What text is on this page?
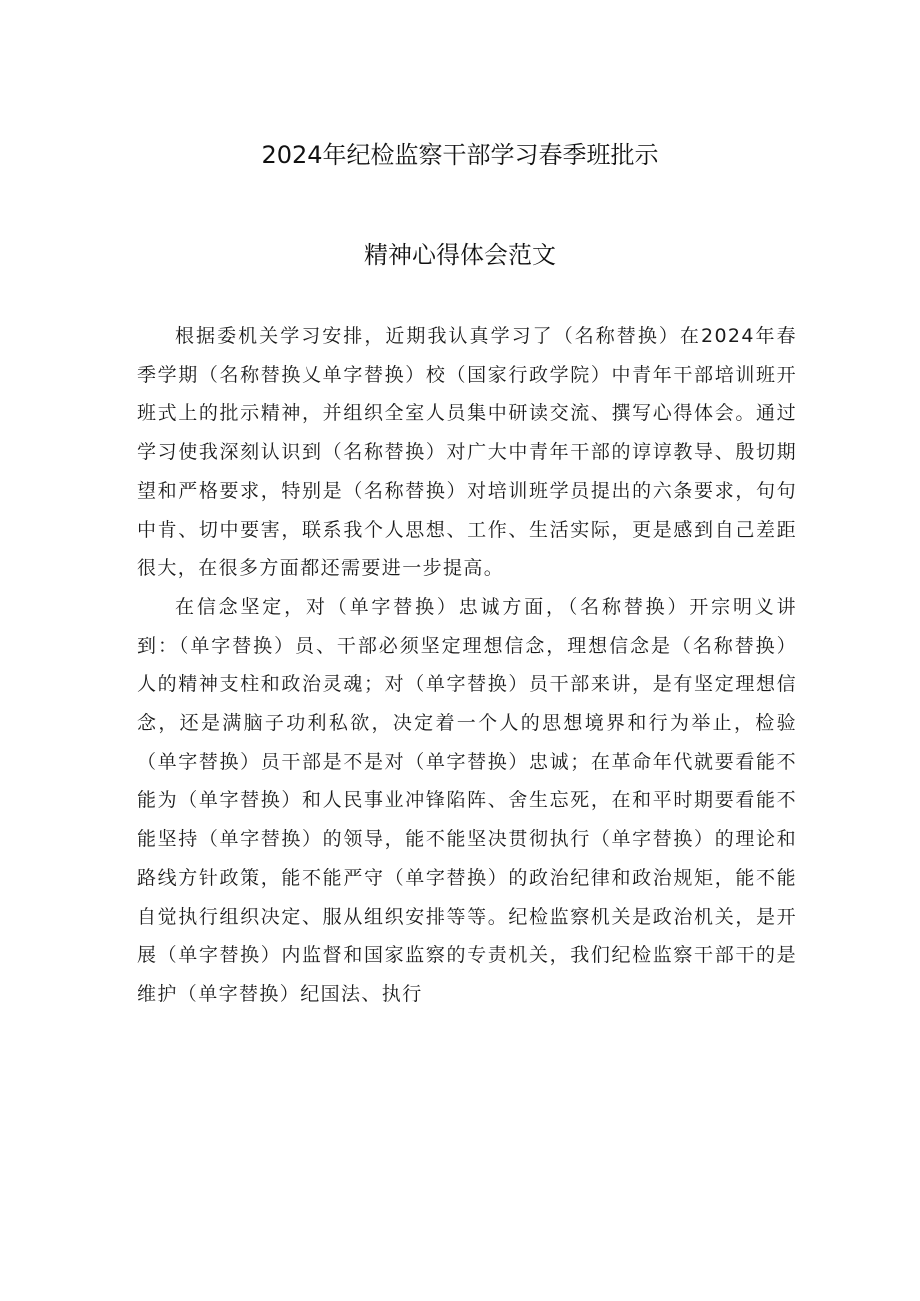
2024年纪检监察干部学习春季班批示
精神心得体会范文

根据委机关学习安排，近期我认真学习了（名称替换）在2024年春季学期（名称替换乂单字替换）校（国家行政学院）中青年干部培训班开班式上的批示精神，并组织全室人员集中研读交流、撰写心得体会。通过学习使我深刻认识到（名称替换）对广大中青年干部的谆谆教导、殷切期望和严格要求，特别是（名称替换）对培训班学员提出的六条要求，句句中肯、切中要害，联系我个人思想、工作、生活实际，更是感到自己差距很大，在很多方面都还需要进一步提高。

在信念坚定，对（单字替换）忠诚方面，（名称替换）开宗明义讲到：（单字替换）员、干部必须坚定理想信念，理想信念是（名称替换）人的精神支柱和政治灵魂；对（单字替换）员干部来讲，是有坚定理想信念，还是满脑子功利私欲，决定着一个人的思想境界和行为举止，检验（单字替换）员干部是不是对（单字替换）忠诚；在革命年代就要看能不能为（单字替换）和人民事业冲锋陷阵、舍生忘死，在和平时期要看能不能坚持（单字替换）的领导，能不能坚决贯彻执行（单字替换）的理论和路线方针政策，能不能严守（单字替换）的政治纪律和政治规矩，能不能自觉执行组织决定、服从组织安排等等。纪检监察机关是政治机关，是开展（单字替换）内监督和国家监察的专责机关，我们纪检监察干部干的是维护（单字替换）纪国法、执行
